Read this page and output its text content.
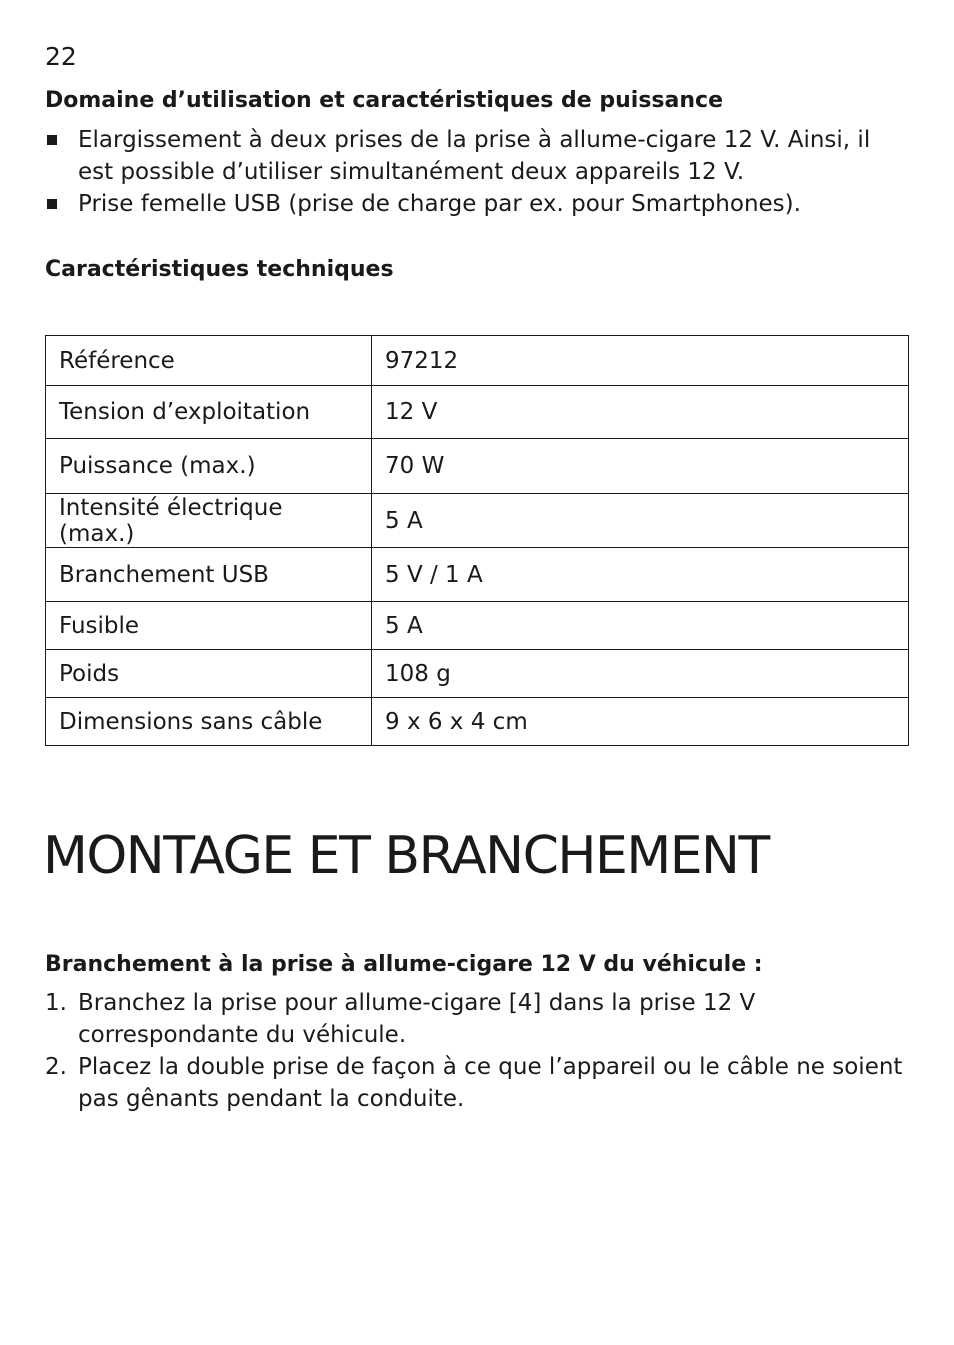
22
Domaine d’utilisation et caractéristiques de puissance
Elargissement à deux prises de la prise à allume-cigare 12 V. Ainsi, il est possible d’utiliser simultanément deux appareils 12 V.
Prise femelle USB (prise de charge par ex. pour Smartphones).
Caractéristiques techniques
Référence	97212
Tension d’exploitation	12 V
Puissance (max.)	70 W
Intensité électrique (max.)	5 A
Branchement USB	5 V / 1 A
Fusible	5 A
Poids	108 g
Dimensions sans câble	9 x 6 x 4 cm
MONTAGE ET BRANCHEMENT
Branchement à la prise à allume-cigare 12 V du véhicule :
1. Branchez la prise pour allume-cigare [4] dans la prise 12 V correspondante du véhicule.
2. Placez la double prise de façon à ce que l’appareil ou le câble ne soient pas gênants pendant la conduite.
